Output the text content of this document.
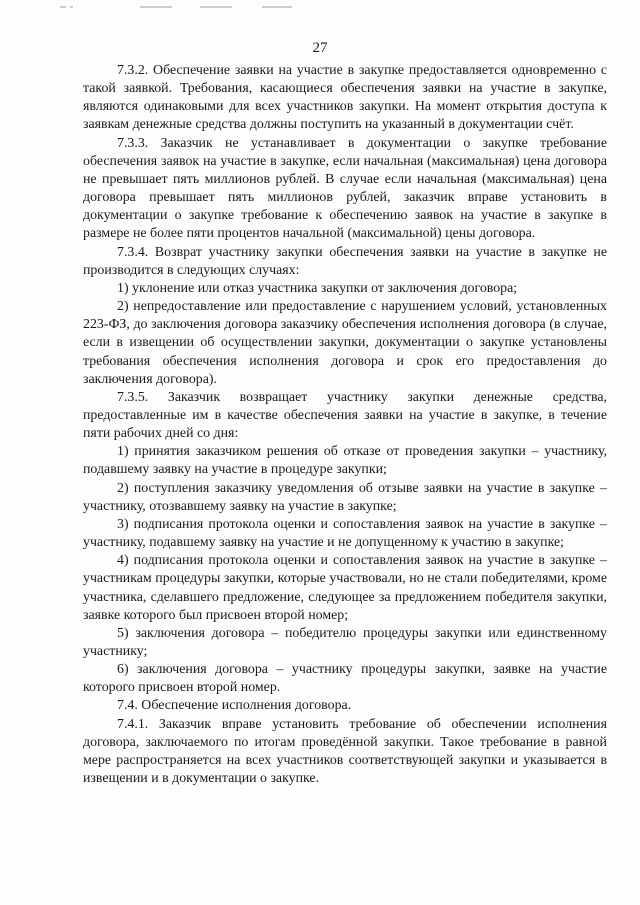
27

7.3.2. Обеспечение заявки на участие в закупке предоставляется одновременно с такой заявкой. Требования, касающиеся обеспечения заявки на участие в закупке, являются одинаковыми для всех участников закупки. На момент открытия доступа к заявкам денежные средства должны поступить на указанный в документации счёт.

7.3.3. Заказчик не устанавливает в документации о закупке требование обеспечения заявок на участие в закупке, если начальная (максимальная) цена договора не превышает пять миллионов рублей. В случае если начальная (максимальная) цена договора превышает пять миллионов рублей, заказчик вправе установить в документации о закупке требование к обеспечению заявок на участие в закупке в размере не более пяти процентов начальной (максимальной) цены договора.

7.3.4. Возврат участнику закупки обеспечения заявки на участие в закупке не производится в следующих случаях:

1) уклонение или отказ участника закупки от заключения договора;

2) непредоставление или предоставление с нарушением условий, установленных 223-ФЗ, до заключения договора заказчику обеспечения исполнения договора (в случае, если в извещении об осуществлении закупки, документации о закупке установлены требования обеспечения исполнения договора и срок его предоставления до заключения договора).

7.3.5. Заказчик возвращает участнику закупки денежные средства, предоставленные им в качестве обеспечения заявки на участие в закупке, в течение пяти рабочих дней со дня:

1) принятия заказчиком решения об отказе от проведения закупки – участнику, подавшему заявку на участие в процедуре закупки;

2) поступления заказчику уведомления об отзыве заявки на участие в закупке – участнику, отозвавшему заявку на участие в закупке;

3) подписания протокола оценки и сопоставления заявок на участие в закупке – участнику, подавшему заявку на участие и не допущенному к участию в закупке;

4) подписания протокола оценки и сопоставления заявок на участие в закупке – участникам процедуры закупки, которые участвовали, но не стали победителями, кроме участника, сделавшего предложение, следующее за предложением победителя закупки, заявке которого был присвоен второй номер;

5) заключения договора – победителю процедуры закупки или единственному участнику;

6) заключения договора – участнику процедуры закупки, заявке на участие которого присвоен второй номер.

7.4. Обеспечение исполнения договора.

7.4.1. Заказчик вправе установить требование об обеспечении исполнения договора, заключаемого по итогам проведённой закупки. Такое требование в равной мере распространяется на всех участников соответствующей закупки и указывается в извещении и в документации о закупке.
